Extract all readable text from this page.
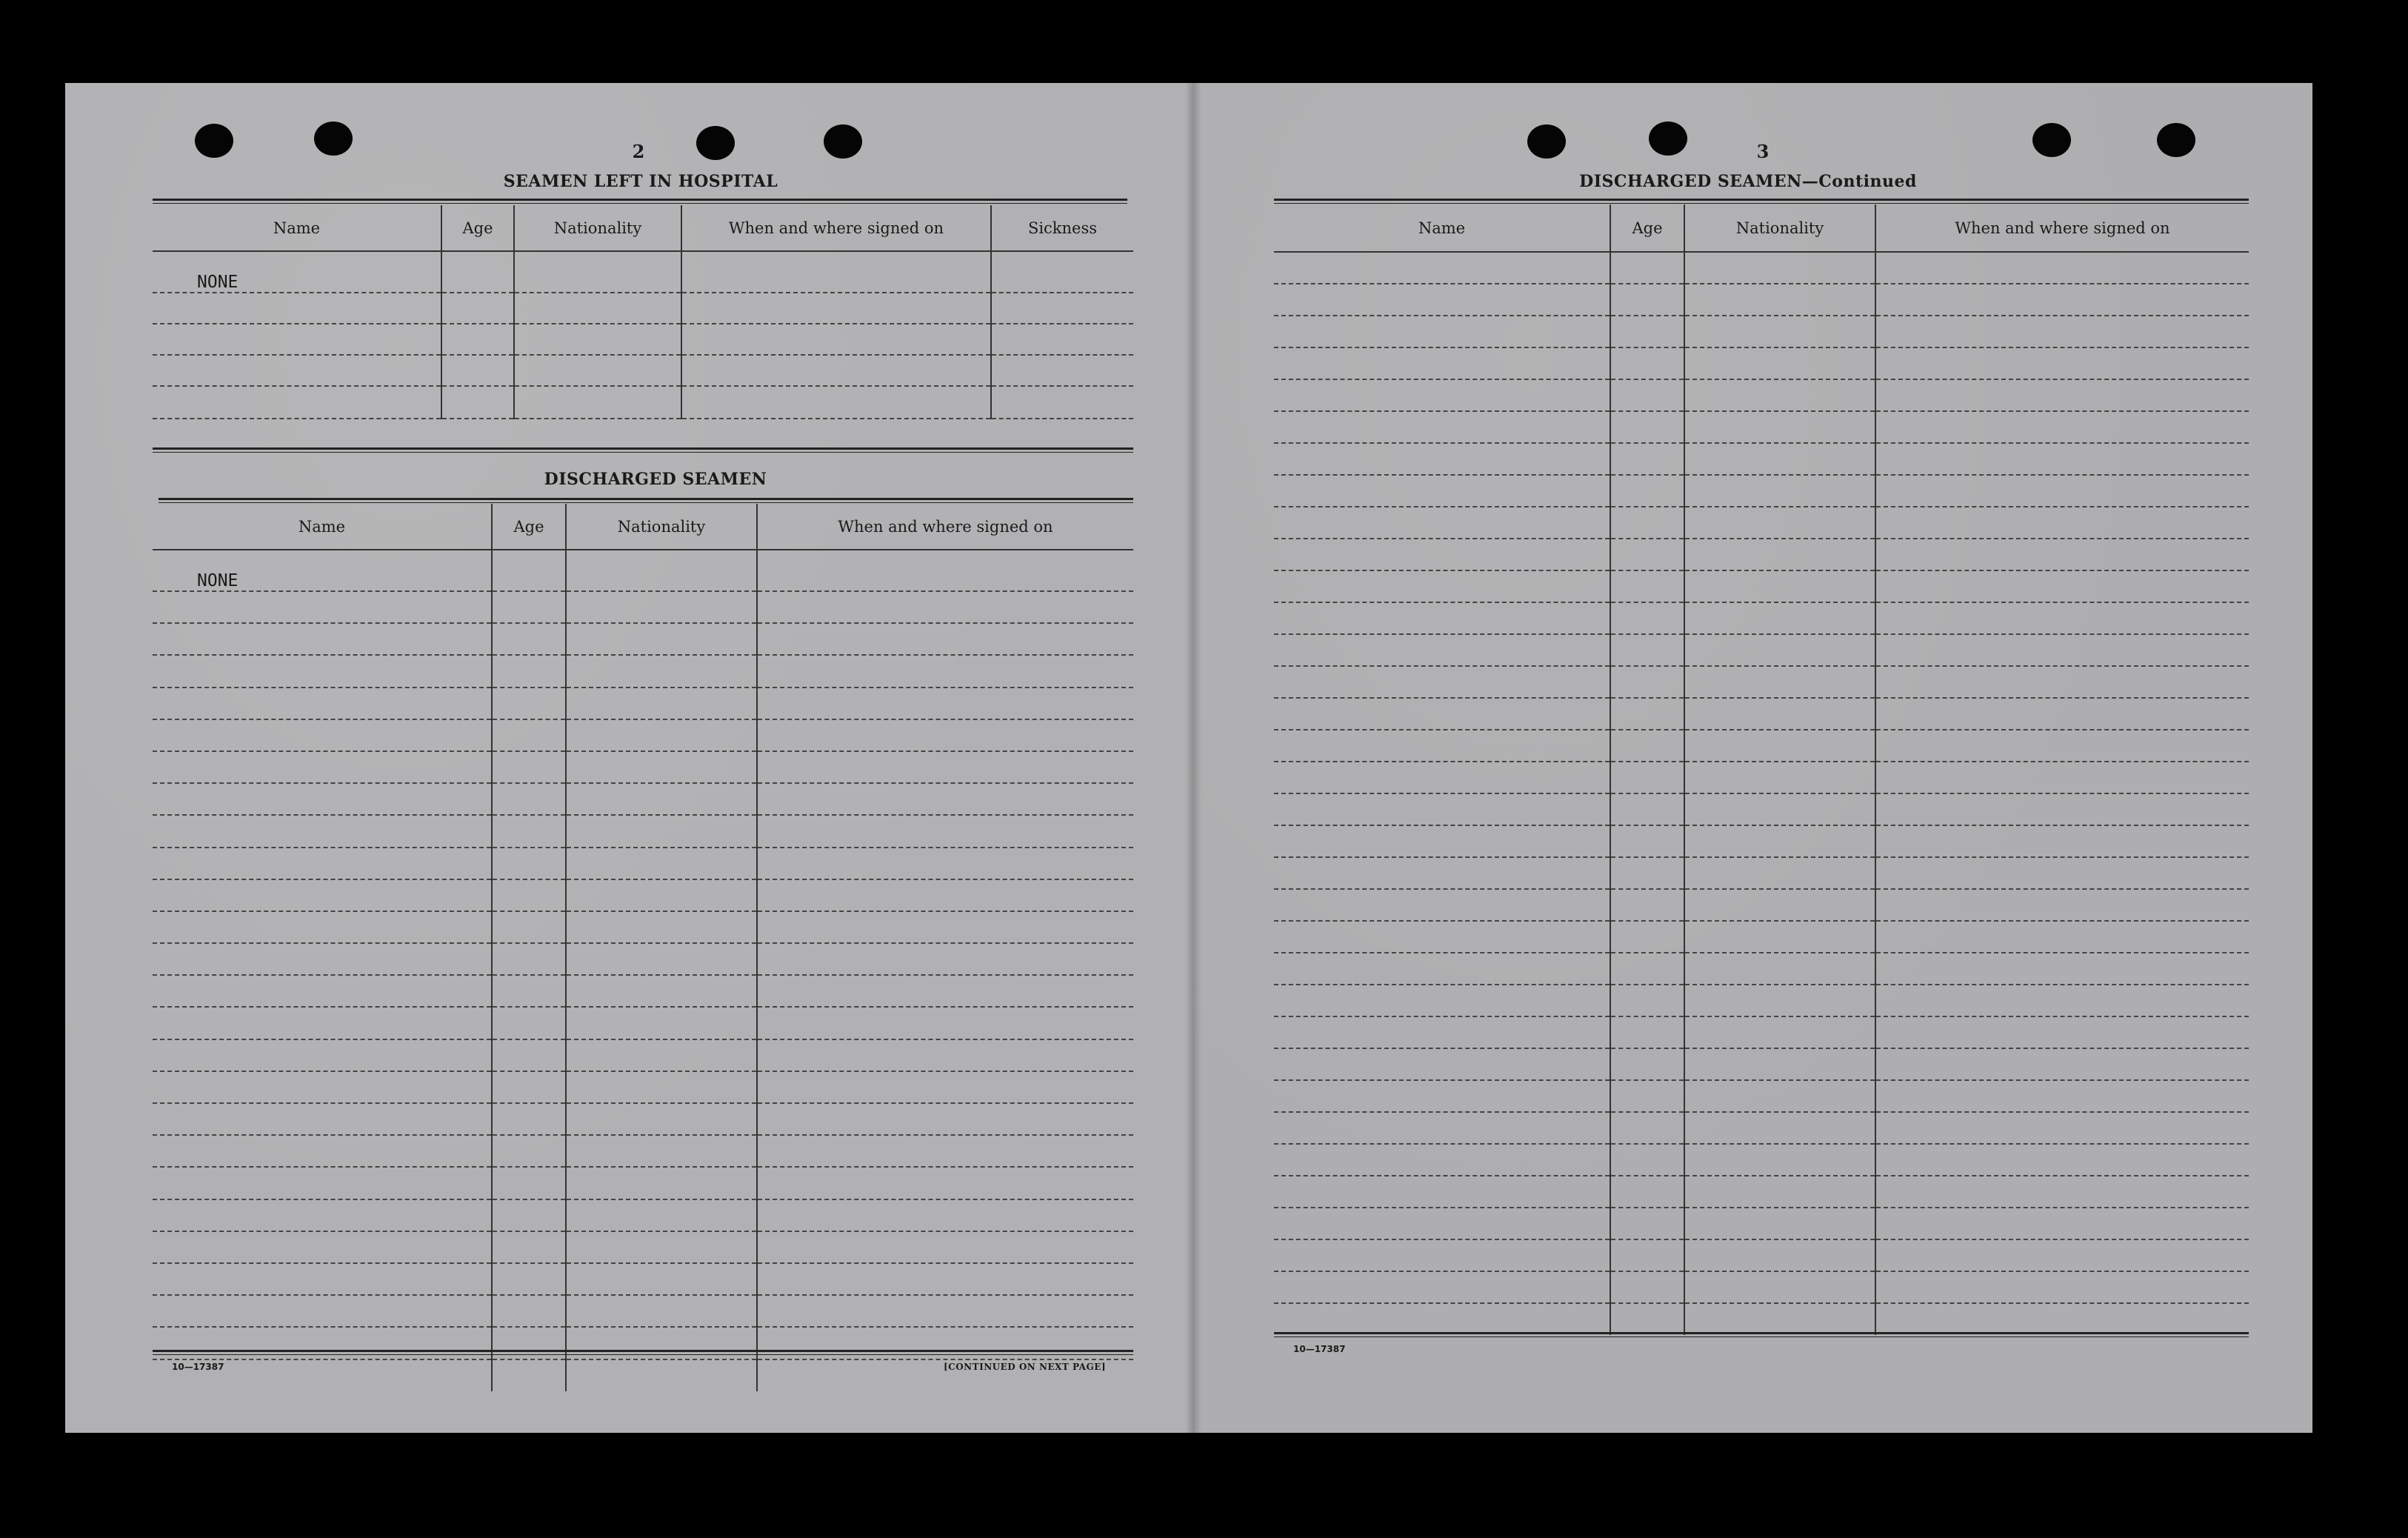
2
SEAMEN LEFT IN HOSPITAL
Name	Age	Nationality	When and where signed on	Sickness
NONE				

DISCHARGED SEAMEN
Name	Age	Nationality	When and where signed on
NONE			

10—17387	[CONTINUED ON NEXT PAGE]
3
DISCHARGED SEAMEN—Continued
Name	Age	Nationality	When and where signed on

10—17387
